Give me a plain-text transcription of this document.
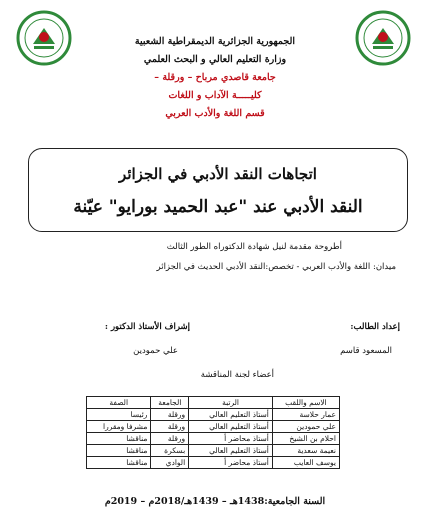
الجمهورية الجزائرية الديمقراطية الشعبية
وزارة التعليم العالي و البحث العلمي
جامعة قاصدي مرباح – ورقلة –
كليـــــة الآداب و اللغات
قسم اللغة والأدب العربي
اتجاهات النقد الأدبي في الجزائر
النقد الأدبي عند "عبد الحميد بورايو" عيّنة
أطروحة مقدمة لنيل شهادة الدكتوراه الطور الثالث
ميدان: اللغة والأدب العربي - تخصص:النقد الأدبي الحديث في الجزائر
إعداد الطالب:
إشراف الأستاذ الدكتور :
المسعود قاسم
علي حمودين
أعضاء لجنة المناقشة
الاسم واللقب	الرتبة	الجامعة	الصفة
عمار حلاسة	أستاذ التعليم العالي	ورقلة	رئيسا
علي حمودين	أستاذ التعليم العالي	ورقلة	مشرفا ومقررا
احلام بن الشيخ	أستاذ محاضر أ	ورقلة	مناقشا
نعيمة سعدية	أستاذ التعليم العالي	بسكرة	مناقشا
يوسف العايب	أستاذ محاضر أ	الوادي	مناقشا
السنة الجامعية:1438هـ – 1439هـ/2018م – 2019م
